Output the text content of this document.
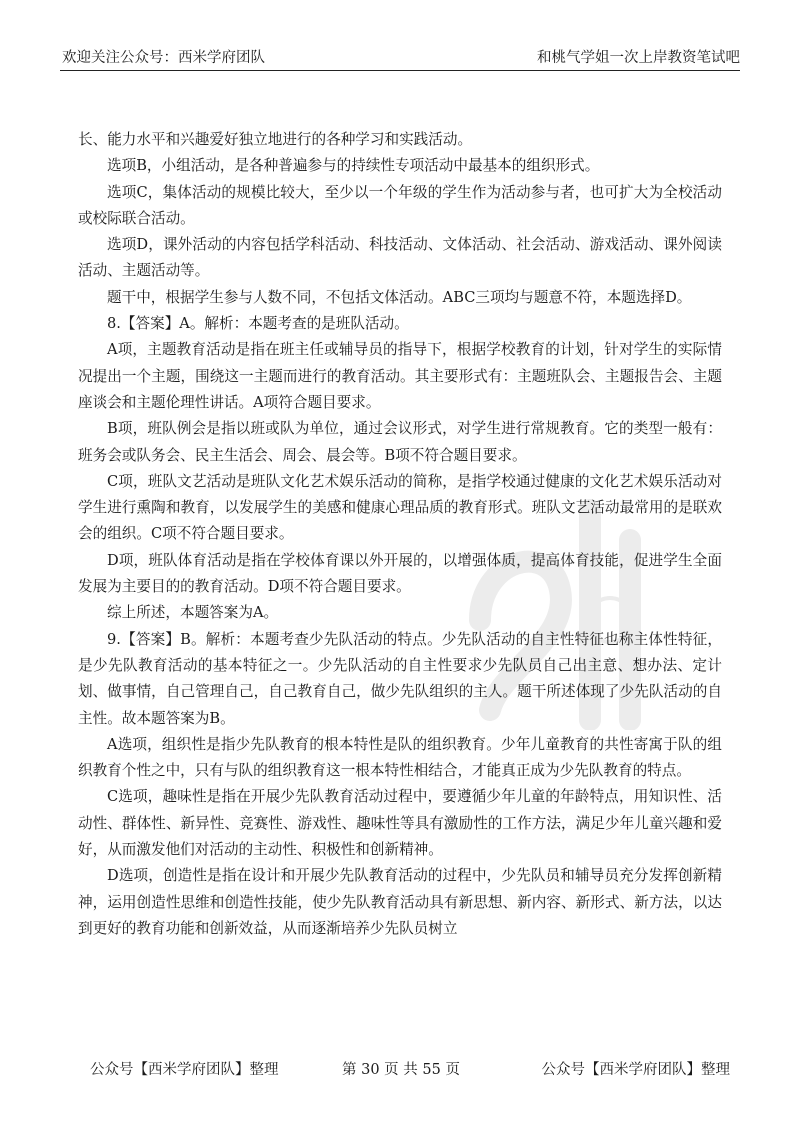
欢迎关注公众号：西米学府团队	和桃气学姐一次上岸教资笔试吧

长、能力水平和兴趣爱好独立地进行的各种学习和实践活动。

选项B，小组活动，是各种普遍参与的持续性专项活动中最基本的组织形式。

选项C，集体活动的规模比较大，至少以一个年级的学生作为活动参与者，也可扩大为全校活动或校际联合活动。

选项D，课外活动的内容包括学科活动、科技活动、文体活动、社会活动、游戏活动、课外阅读活动、主题活动等。

题干中，根据学生参与人数不同，不包括文体活动。ABC三项均与题意不符，本题选择D。

8.【答案】A。解析：本题考查的是班队活动。

A项，主题教育活动是指在班主任或辅导员的指导下，根据学校教育的计划，针对学生的实际情况提出一个主题，围绕这一主题而进行的教育活动。其主要形式有：主题班队会、主题报告会、主题座谈会和主题伦理性讲话。A项符合题目要求。

B项，班队例会是指以班或队为单位，通过会议形式，对学生进行常规教育。它的类型一般有：班务会或队务会、民主生活会、周会、晨会等。B项不符合题目要求。

C项，班队文艺活动是班队文化艺术娱乐活动的简称，是指学校通过健康的文化艺术娱乐活动对学生进行熏陶和教育，以发展学生的美感和健康心理品质的教育形式。班队文艺活动最常用的是联欢会的组织。C项不符合题目要求。

D项，班队体育活动是指在学校体育课以外开展的，以增强体质，提高体育技能，促进学生全面发展为主要目的的教育活动。D项不符合题目要求。

综上所述，本题答案为A。

9.【答案】B。解析：本题考查少先队活动的特点。少先队活动的自主性特征也称主体性特征，是少先队教育活动的基本特征之一。少先队活动的自主性要求少先队员自己出主意、想办法、定计划、做事情，自己管理自己，自己教育自己，做少先队组织的主人。题干所述体现了少先队活动的自主性。故本题答案为B。

A选项，组织性是指少先队教育的根本特性是队的组织教育。少年儿童教育的共性寄寓于队的组织教育个性之中，只有与队的组织教育这一根本特性相结合，才能真正成为少先队教育的特点。

C选项，趣味性是指在开展少先队教育活动过程中，要遵循少年儿童的年龄特点，用知识性、活动性、群体性、新异性、竞赛性、游戏性、趣味性等具有激励性的工作方法，满足少年儿童兴趣和爱好，从而激发他们对活动的主动性、积极性和创新精神。

D选项，创造性是指在设计和开展少先队教育活动的过程中，少先队员和辅导员充分发挥创新精神，运用创造性思维和创造性技能，使少先队教育活动具有新思想、新内容、新形式、新方法，以达到更好的教育功能和创新效益，从而逐渐培养少先队员树立

公众号【西米学府团队】整理	第 30 页 共 55 页	公众号【西米学府团队】整理
